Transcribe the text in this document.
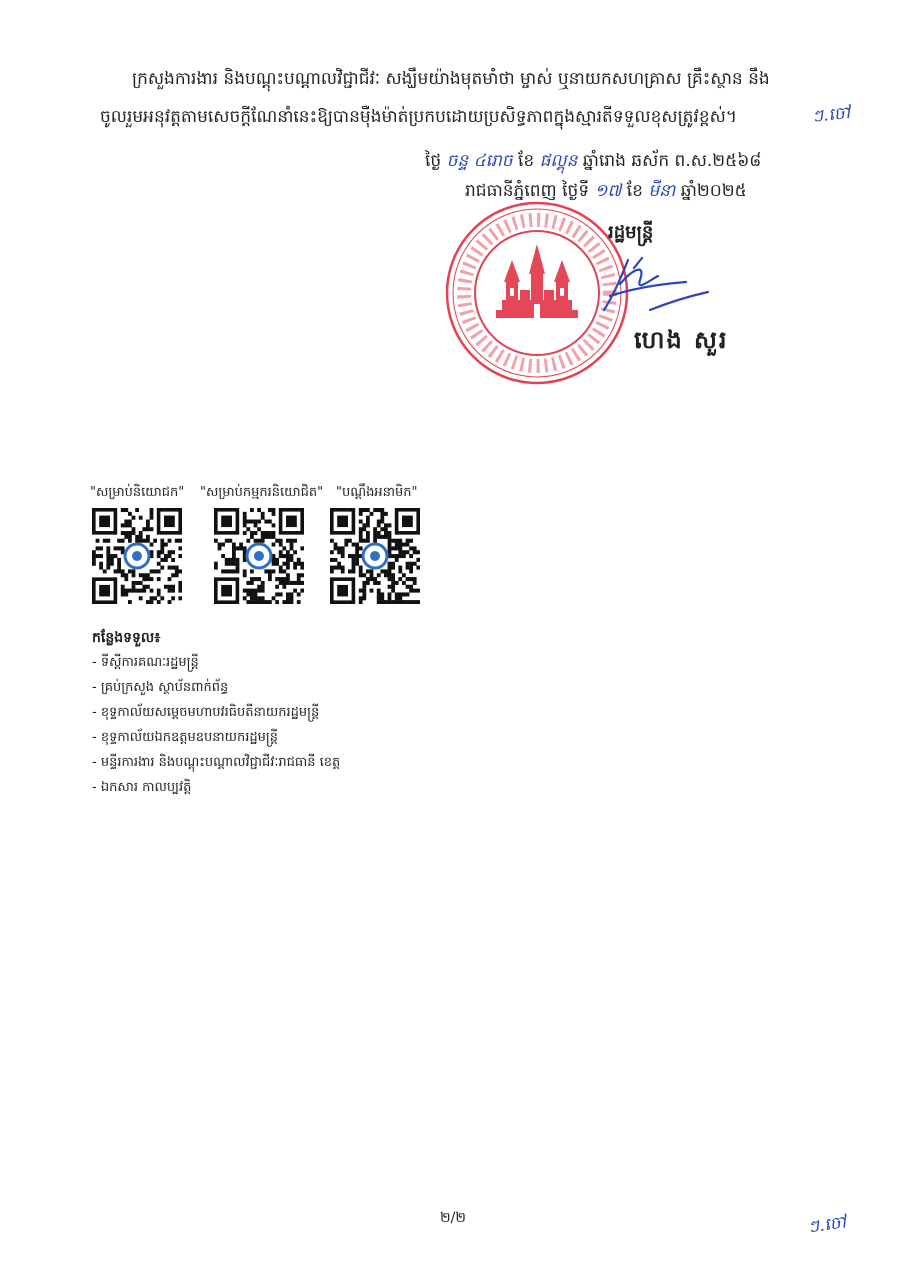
ក្រសួងការងារ និងបណ្តុះបណ្តាលវិជ្ជាជីវៈ សង្ឃឹមយ៉ាងមុតមាំថា ម្ចាស់ ឬនាយកសហគ្រាស គ្រឹះស្ថាន នឹង
ចូលរួមអនុវត្តតាមសេចក្តីណែនាំនេះឱ្យបានម៉ឺងម៉ាត់ប្រកបដោយប្រសិទ្ធភាពក្នុងស្មារតីទទួលខុសត្រូវខ្ពស់។	ៗ.ចៅ
ថ្ងៃ ចន្ទ ៤រោច ខែ ផល្គុន ឆ្នាំរោង ឆស័ក ព.ស.២៥៦៨
រាជធានីភ្នំពេញ ថ្ងៃទី ១៧ ខែ មីនា ឆ្នាំ២០២៥
រដ្ឋមន្ត្រី
ហេង សួរ
"សម្រាប់និយោជក" "សម្រាប់កម្មករនិយោជិត" "បណ្តឹងអនាមិក"
កន្លែងទទួល៖
- ទីស្តីការគណៈរដ្ឋមន្ត្រី
- គ្រប់ក្រសួង ស្ថាប័នពាក់ព័ន្ធ
- ខុទ្ទកាល័យសម្តេចមហាបវរធិបតីនាយករដ្ឋមន្ត្រី
- ខុទ្ទកាល័យឯកឧត្តមឧបនាយករដ្ឋមន្ត្រី
- មន្ទីរការងារ និងបណ្តុះបណ្តាលវិជ្ជាជីវៈរាជធានី ខេត្ត
- ឯកសារ កាលប្បវត្តិ
២/២	ៗ.ចៅ
